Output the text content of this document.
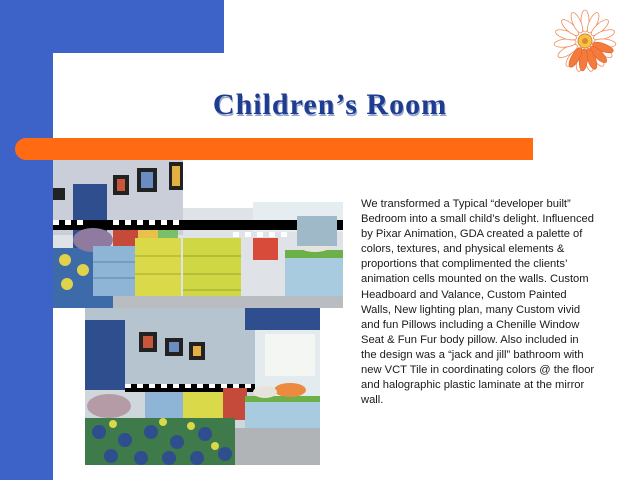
Children’s Room

We transformed a Typical “developer built” Bedroom into a small child’s delight. Influenced by Pixar Animation, GDA created a palette of colors, textures, and physical elements & proportions that complimented the clients’ animation cells mounted on the walls. Custom Headboard and Valance, Custom Painted Walls, New lighting plan, many Custom vivid and fun Pillows including a Chenille Window Seat & Fun Fur body pillow. Also included in the design was a “jack and jill” bathroom with new VCT Tile in coordinating colors @ the floor and halographic plastic laminate at the mirror wall.
